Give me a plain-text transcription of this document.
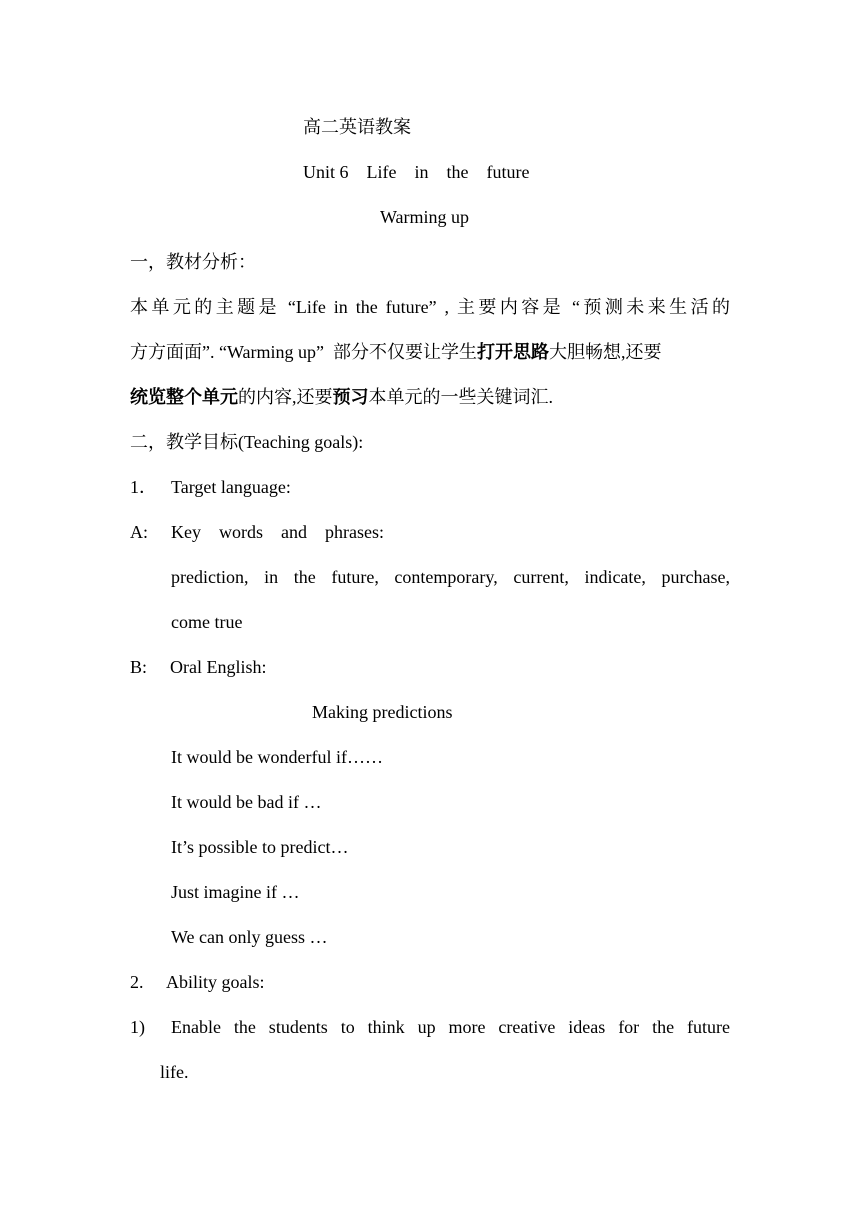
高二英语教案
Unit 6    Life    in    the    future
Warming up
一，教材分析：
本单元的主题是 “Life in the future” , 主要内容是 “预测未来生活的
方方面面”. “Warming up”  部分不仅要让学生打开思路大胆畅想,还要
统览整个单元的内容,还要预习本单元的一些关键词汇.
二，教学目标(Teaching goals):
1． Target language:
A: Key    words    and    phrases:
prediction, in the future, contemporary, current, indicate, purchase,
come true
B: Oral English:
Making predictions
It would be wonderful if……
It would be bad if …
It’s possible to predict…
Just imagine if …
We can only guess …
2. Ability goals:
1) Enable the students to think up more creative ideas for the future
life.
